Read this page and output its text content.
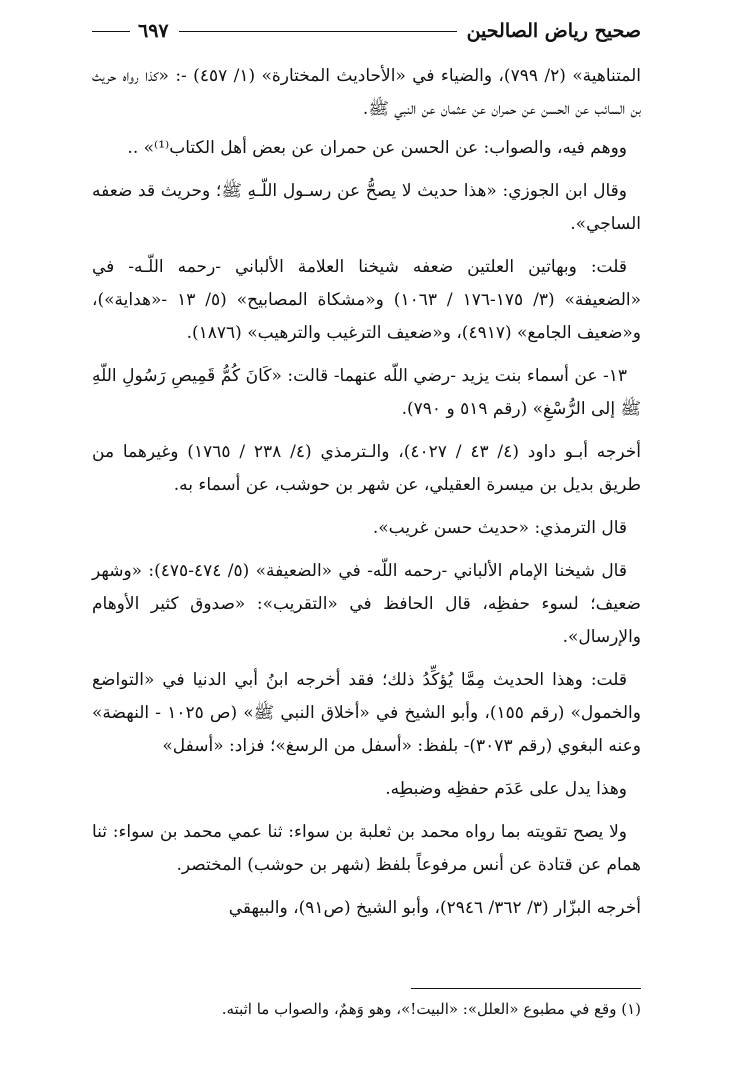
صحيح رياض الصالحين
٦٩٧

المتناهية» (٢/ ٧٩٩)، والضياء في «الأحاديث المختارة» (١/ ٤٥٧) -: «كذا رواه حريث بن السائب عن الحسن عن حمران عن عثمان عن النبي ﷺ.

ووهم فيه، والصواب: عن الحسن عن حمران عن بعض أهل الكتاب⁽¹⁾» ..

وقال ابن الجوزي: «هذا حديث لا يصحُّ عن رسـول اللّـهِ ﷺ؛ وحريث قد ضعفه الساجي».

قلت: وبهاتين العلتين ضعفه شيخنا العلامة الألباني -رحمه اللّـه- في «الضعيفة» (٣/ ١٧٥-١٧٦ / ١٠٦٣) و«مشكاة المصابيح» (٥/ ١٣ -«هداية»)، و«ضعيف الجامع» (٤٩١٧)، و«ضعيف الترغيب والترهيب» (١٨٧٦).

١٣- عن أسماء بنت يزيد -رضي اللّه عنهما- قالت: «كَانَ كُمُّ قَمِيصِ رَسُولِ اللّهِ ﷺ إلى الرُّسْغِ» (رقم ٥١٩ و ٧٩٠).

أخرجه أبـو داود (٤/ ٤٣ / ٤٠٢٧)، والـترمذي (٤/ ٢٣٨ / ١٧٦٥) وغيرهما من طريق بديل بن ميسرة العقيلي، عن شهر بن حوشب، عن أسماء به.

قال الترمذي: «حديث حسن غريب».

قال شيخنا الإمام الألباني -رحمه اللّه- في «الضعيفة» (٥/ ٤٧٤-٤٧٥): «وشهر ضعيف؛ لسوء حفظِه، قال الحافظ في «التقريب»: «صدوق كثير الأوهام والإرسال».

قلت: وهذا الحديث مِمَّا يُؤكِّدُ ذلك؛ فقد أخرجه ابنُ أبي الدنيا في «التواضع والخمول» (رقم ١٥٥)، وأبو الشيخ في «أخلاق النبي ﷺ» (ص ١٠٢٥ - النهضة» وعنه البغوي (رقم ٣٠٧٣)- بلفظ: «أسفل من الرسغ»؛ فزاد: «أسفل»

وهذا يدل على عَدَم حفظِه وضبطِه.

ولا يصح تقويته بما رواه محمد بن ثعلبة بن سواء: ثنا عمي محمد بن سواء: ثنا همام عن قتادة عن أنس مرفوعاً بلفظ (شهر بن حوشب) المختصر.

أخرجه البزّار (٣/ ٣٦٢/ ٢٩٤٦)، وأبو الشيخ (ص٩١)، والبيهقي

(١) وقع في مطبوع «العلل»: «البيت!»، وهو وَهمٌ، والصواب ما اثبته.
